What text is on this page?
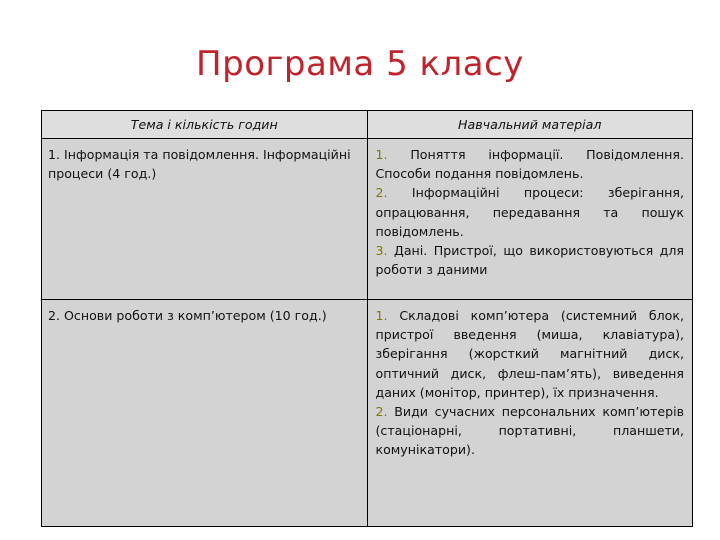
Програма 5 класу
Тема і кількість годин	Навчальний матеріал

1. Інформація та повідомлення. Інформаційні процеси (4 год.)	1. Поняття інформації. Повідомлення. Способи подання повідомлень.
2. Інформаційні процеси: зберігання, опрацювання, передавання та пошук повідомлень.
3. Дані. Пристрої, що використовуються для роботи з даними

2. Основи роботи з комп’ютером (10 год.)	1. Складові комп’ютера (системний блок, пристрої введення (миша, клавіатура), зберігання (жорсткий магнітний диск, оптичний диск, флеш-пам’ять), виведення даних (монітор, принтер), їх призначення.
2. Види сучасних персональних комп’ютерів (стаціонарні, портативні, планшети, комунікатори).
